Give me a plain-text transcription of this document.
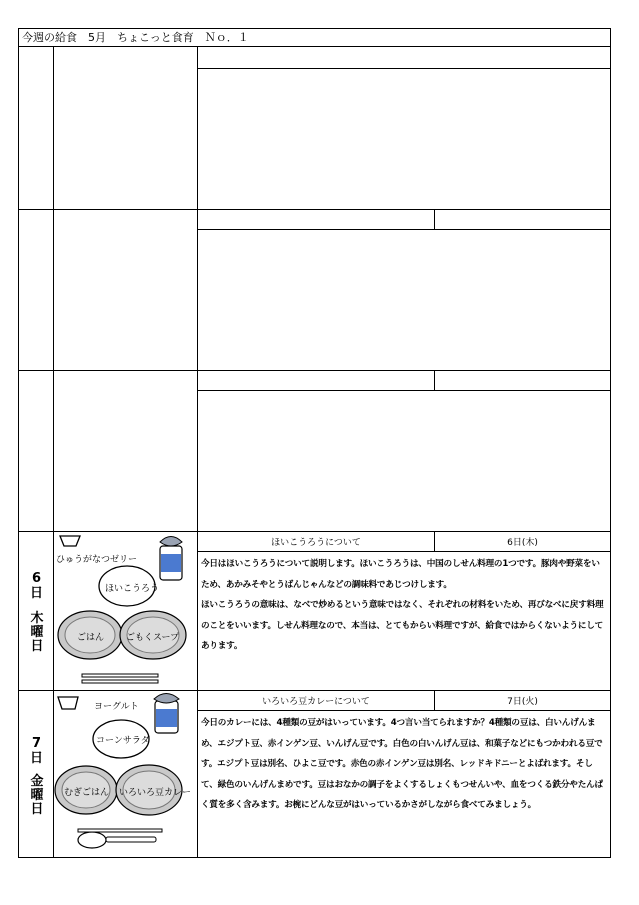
今週の給食　5月　ちょこっと食育　Ｎｏ．１
6
日
木曜日
ひゅうがなつゼリー
ほいこうろう
ごはん ごもくスープ
ほいこうろうについて	6日(木)

今日はほいこうろうについて説明します。ほいこうろうは、中国のしせん料理の1つです。豚肉や野菜をいため、あかみそやとうばんじゃんなどの調味料であじつけします。

ほいこうろうの意味は、なべで炒めるという意味ではなく、それぞれの材料をいため、再びなべに戻す料理のことをいいます。しせん料理なので、本当は、とてもからい料理ですが、給食ではからくないようにしてあります。

7
日
金曜日
ヨーグルト
コーンサラダ
むぎごはん いろいろ豆カレー
いろいろ豆カレーについて	7日(火)

今日のカレーには、4種類の豆がはいっています。4つ言い当てられますか？4種類の豆は、白いんげんまめ、エジプト豆、赤インゲン豆、いんげん豆です。白色の白いんげん豆は、和菓子などにもつかわれる豆です。エジプト豆は別名、ひよこ豆です。赤色の赤インゲン豆は別名、レッドキドニーとよばれます。そして、緑色のいんげんまめです。豆はおなかの調子をよくするしょくもつせんいや、血をつくる鉄分やたんぱく質を多く含みます。お椀にどんな豆がはいっているかさがしながら食べてみましょう。
